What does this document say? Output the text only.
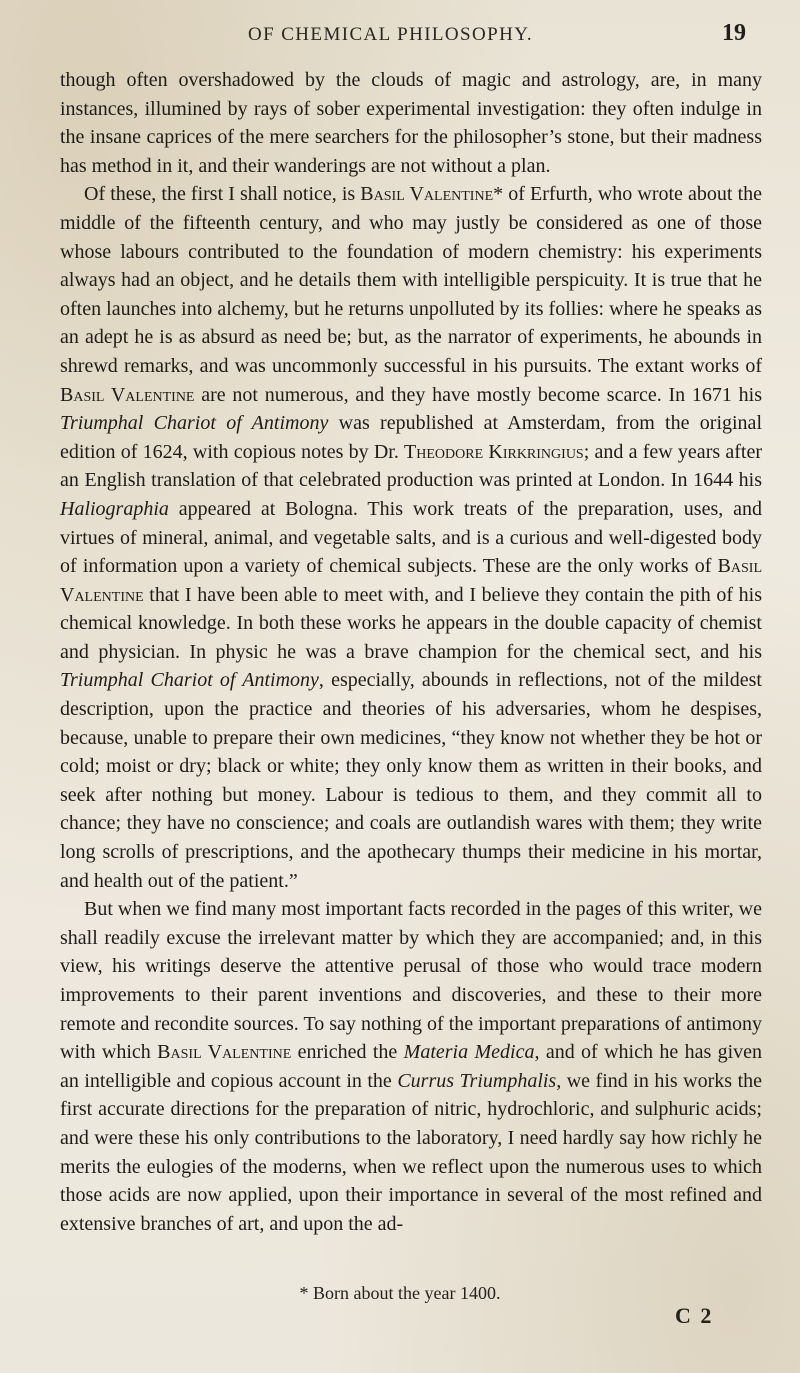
OF CHEMICAL PHILOSOPHY.	19

though often overshadowed by the clouds of magic and astrology, are, in many instances, illumined by rays of sober experimental investigation: they often indulge in the insane caprices of the mere searchers for the philosopher’s stone, but their madness has method in it, and their wanderings are not without a plan.

Of these, the first I shall notice, is Basil Valentine* of Erfurth, who wrote about the middle of the fifteenth century, and who may justly be considered as one of those whose labours contributed to the foundation of modern chemistry: his experiments always had an object, and he details them with intelligible perspicuity. It is true that he often launches into alchemy, but he returns unpolluted by its follies: where he speaks as an adept he is as absurd as need be; but, as the narrator of experiments, he abounds in shrewd remarks, and was uncommonly successful in his pursuits. The extant works of Basil Valentine are not numerous, and they have mostly become scarce. In 1671 his Triumphal Chariot of Antimony was republished at Amsterdam, from the original edition of 1624, with copious notes by Dr. Theodore Kirkringius; and a few years after an English translation of that celebrated production was printed at London. In 1644 his Haliographia appeared at Bologna. This work treats of the preparation, uses, and virtues of mineral, animal, and vegetable salts, and is a curious and well-digested body of information upon a variety of chemical subjects. These are the only works of Basil Valentine that I have been able to meet with, and I believe they contain the pith of his chemical knowledge. In both these works he appears in the double capacity of chemist and physician. In physic he was a brave champion for the chemical sect, and his Triumphal Chariot of Antimony, especially, abounds in reflections, not of the mildest description, upon the practice and theories of his adversaries, whom he despises, because, unable to prepare their own medicines, “they know not whether they be hot or cold; moist or dry; black or white; they only know them as written in their books, and seek after nothing but money. Labour is tedious to them, and they commit all to chance; they have no conscience; and coals are outlandish wares with them; they write long scrolls of prescriptions, and the apothecary thumps their medicine in his mortar, and health out of the patient.”

But when we find many most important facts recorded in the pages of this writer, we shall readily excuse the irrelevant matter by which they are accompanied; and, in this view, his writings deserve the attentive perusal of those who would trace modern improvements to their parent inventions and discoveries, and these to their more remote and recondite sources. To say nothing of the important preparations of antimony with which Basil Valentine enriched the Materia Medica, and of which he has given an intelligible and copious account in the Currus Triumphalis, we find in his works the first accurate directions for the preparation of nitric, hydrochloric, and sulphuric acids; and were these his only contributions to the laboratory, I need hardly say how richly he merits the eulogies of the moderns, when we reflect upon the numerous uses to which those acids are now applied, upon their importance in several of the most refined and extensive branches of art, and upon the ad-

* Born about the year 1400.
C 2
